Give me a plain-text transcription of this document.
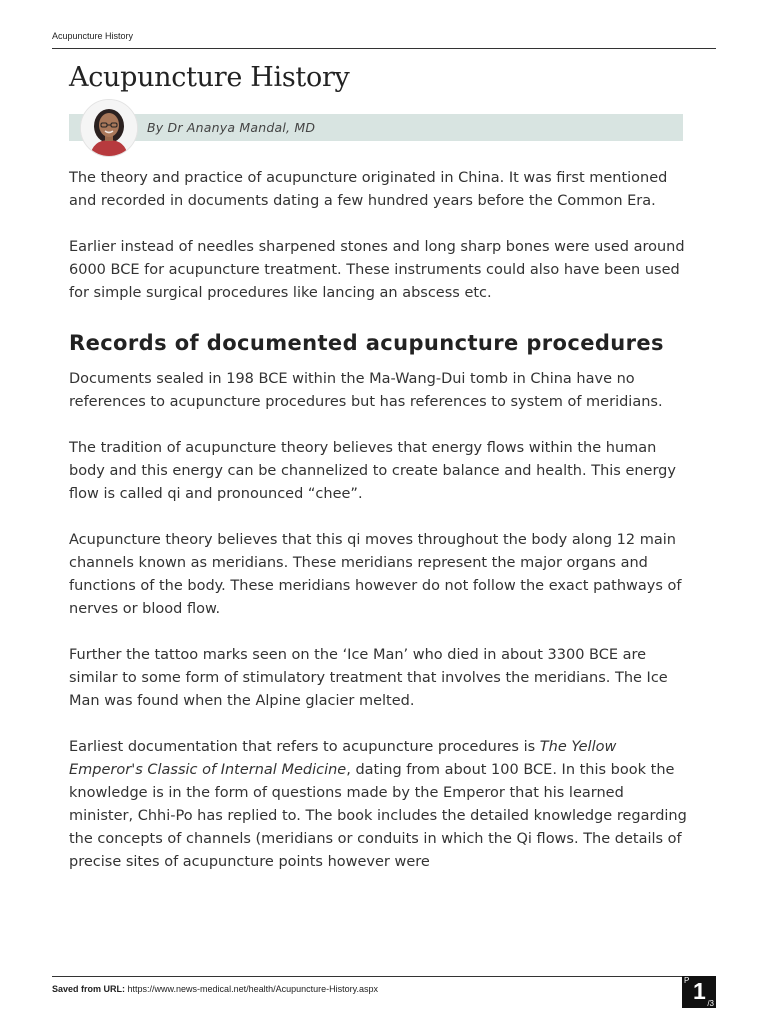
Acupuncture History
Acupuncture History
By Dr Ananya Mandal, MD

The theory and practice of acupuncture originated in China. It was first mentioned and recorded in documents dating a few hundred years before the Common Era.

Earlier instead of needles sharpened stones and long sharp bones were used around 6000 BCE for acupuncture treatment. These instruments could also have been used for simple surgical procedures like lancing an abscess etc.

Records of documented acupuncture procedures

Documents sealed in 198 BCE within the Ma-Wang-Dui tomb in China have no references to acupuncture procedures but has references to system of meridians.

The tradition of acupuncture theory believes that energy flows within the human body and this energy can be channelized to create balance and health. This energy flow is called qi and pronounced “chee”.

Acupuncture theory believes that this qi moves throughout the body along 12 main channels known as meridians. These meridians represent the major organs and functions of the body. These meridians however do not follow the exact pathways of nerves or blood flow.

Further the tattoo marks seen on the ‘Ice Man’ who died in about 3300 BCE are similar to some form of stimulatory treatment that involves the meridians. The Ice Man was found when the Alpine glacier melted.

Earliest documentation that refers to acupuncture procedures is The Yellow Emperor's Classic of Internal Medicine, dating from about 100 BCE. In this book the knowledge is in the form of questions made by the Emperor that his learned minister, Chhi-Po has replied to. The book includes the detailed knowledge regarding the concepts of channels (meridians or conduits in which the Qi flows. The details of precise sites of acupuncture points however were

Saved from URL: https://www.news-medical.net/health/Acupuncture-History.aspx
P 1 /3
